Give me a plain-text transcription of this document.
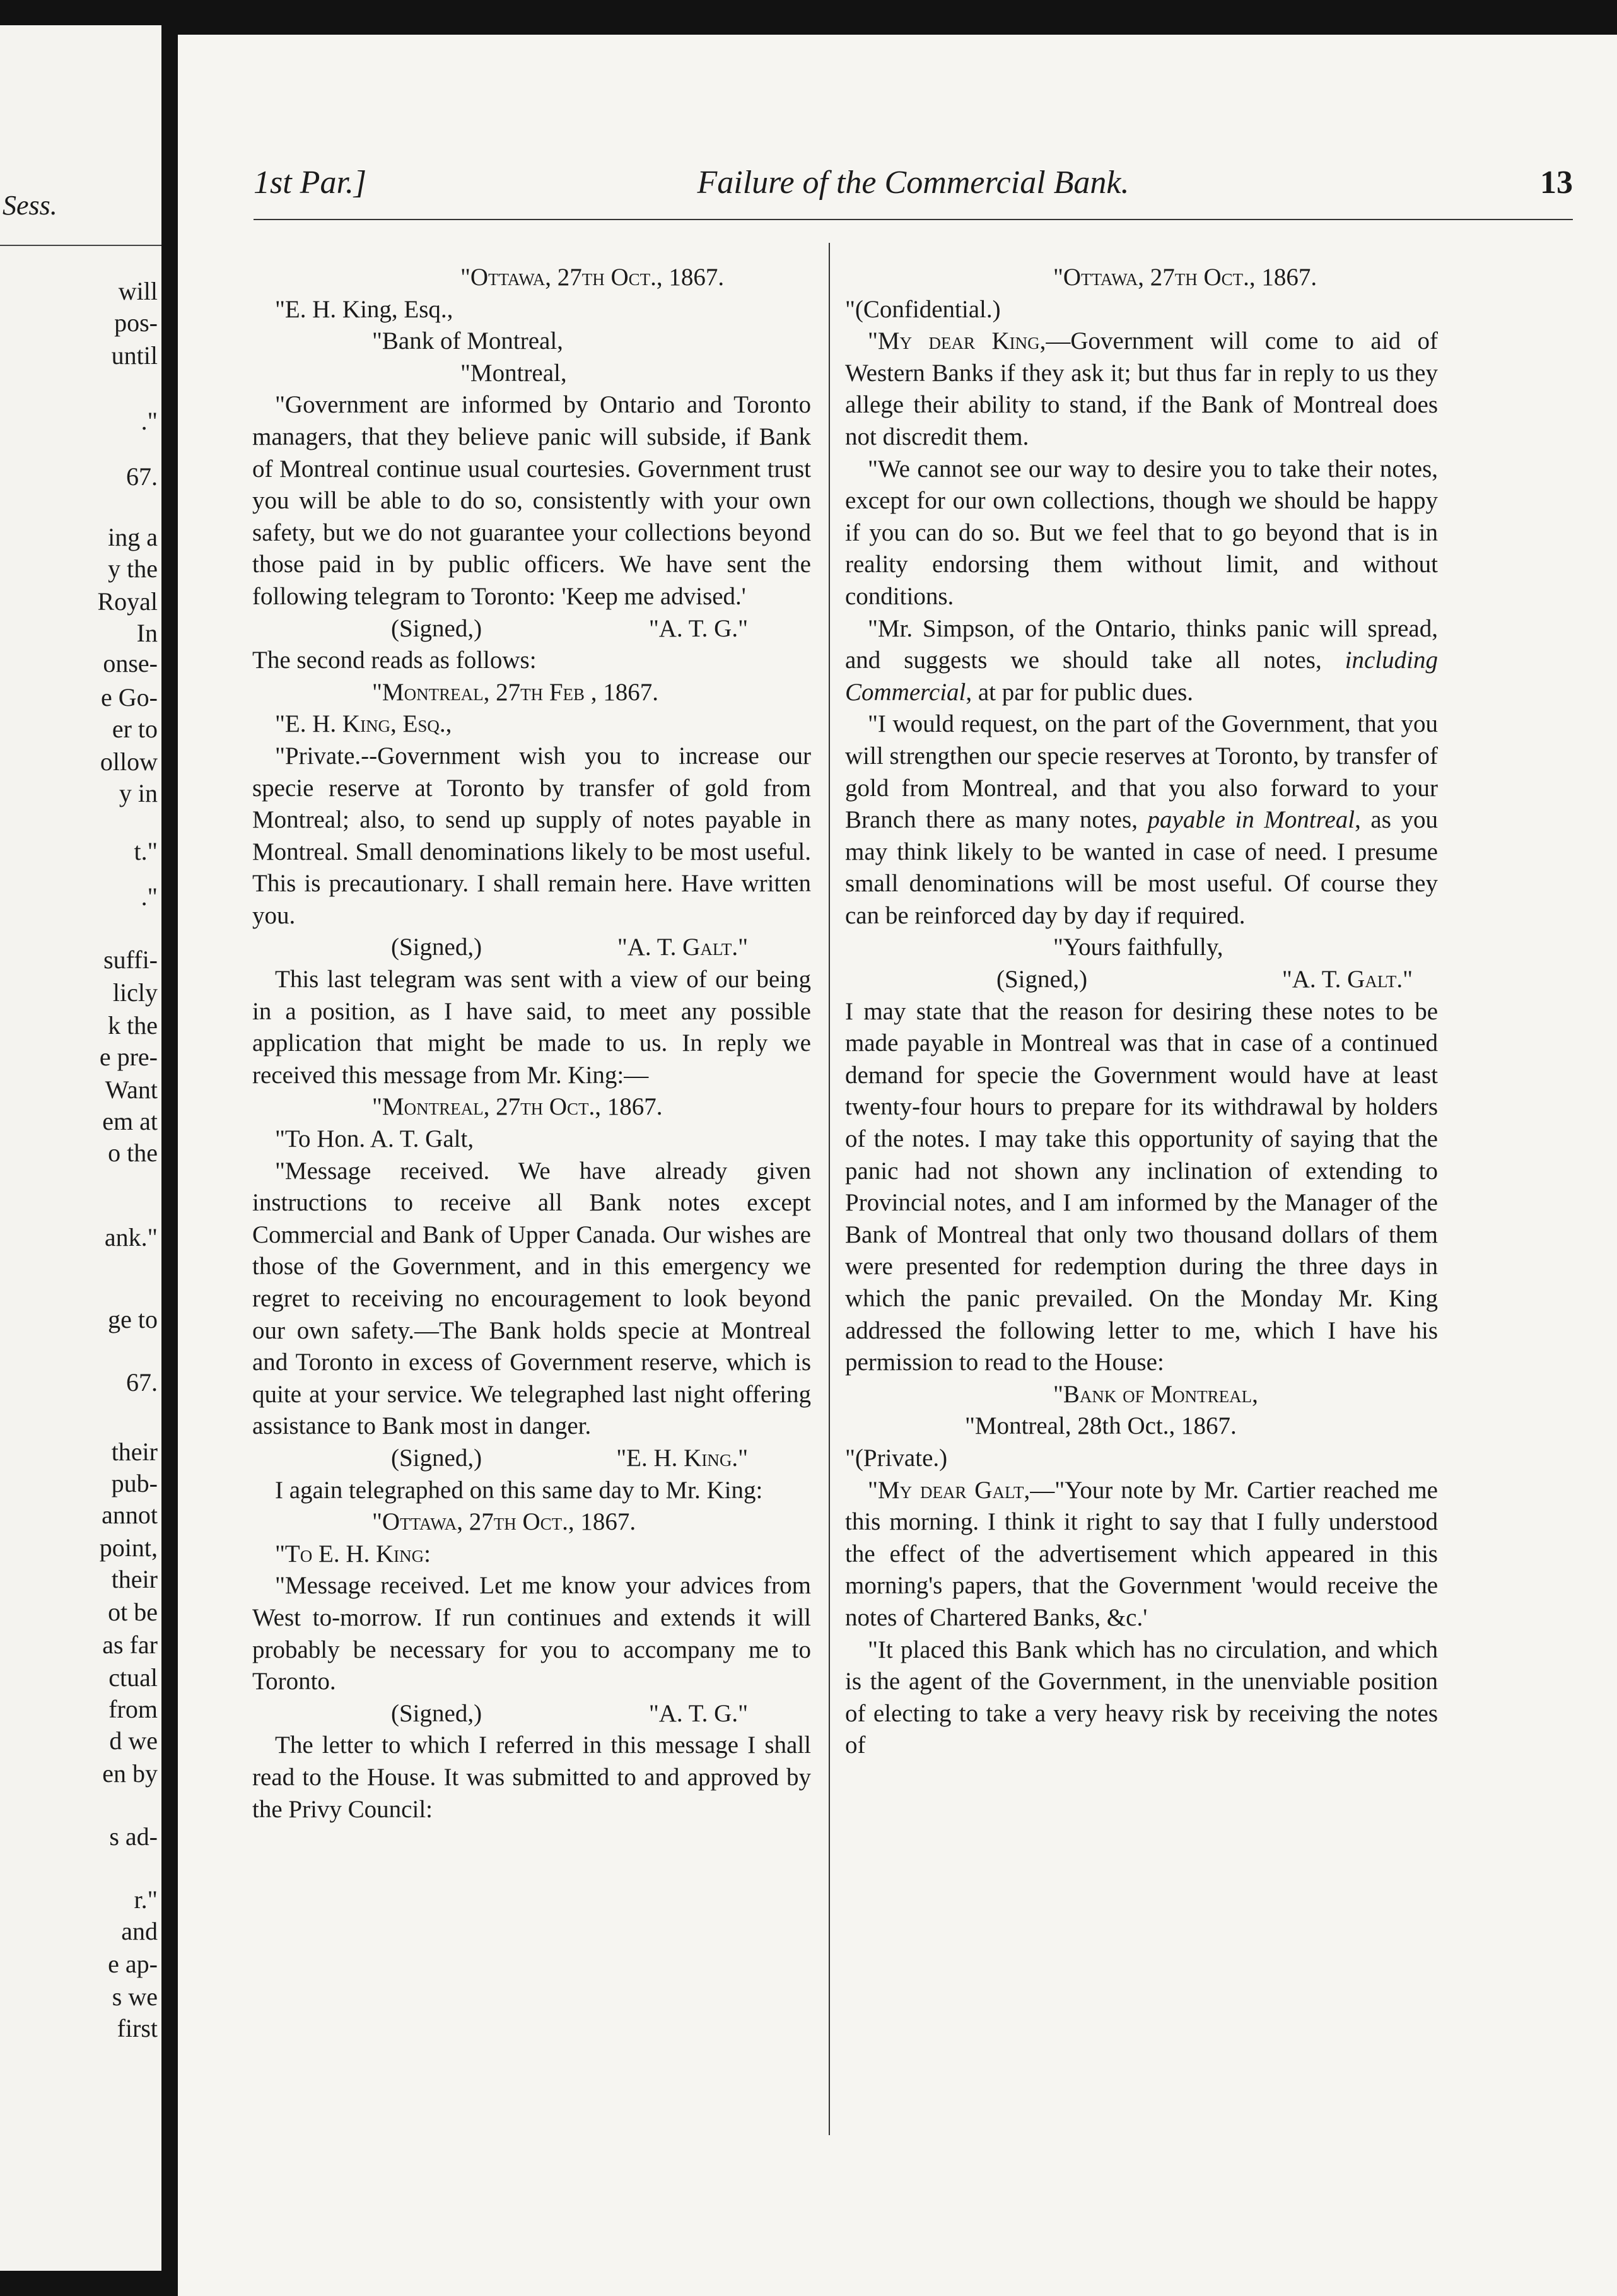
Sess.
will
pos-
until
."
67.
ing a
y the
Royal
In
onse-
e Go-
er to
ollow
y in
t."
."
suffi-
licly
k the
e pre-
Want
em at
o the
ank."
ge to
67.
their
pub-
annot
point,
their
ot be
as far
ctual
from
d we
en by
s ad-
r."
and
e ap-
s we
first
1st Par.]	Failure of the Commercial Bank.	13

"Ottawa, 27th Oct., 1867.

"E. H. King, Esq.,

"Bank of Montreal,

"Montreal,

"Government are informed by Ontario and Toronto managers, that they believe panic will subside, if Bank of Montreal continue usual courtesies. Government trust you will be able to do so, consistently with your own safety, but we do not guarantee your collections beyond those paid in by public officers. We have sent the following telegram to Toronto: 'Keep me advised.'

(Signed,)	"A. T. G."

The second reads as follows:

"Montreal, 27th Feb , 1867.

"E. H. King, Esq.,

"Private.--Government wish you to increase our specie reserve at Toronto by transfer of gold from Montreal; also, to send up supply of notes payable in Montreal. Small denominations likely to be most useful. This is precautionary. I shall remain here. Have written you.

(Signed,)	"A. T. Galt."

This last telegram was sent with a view of our being in a position, as I have said, to meet any possible application that might be made to us. In reply we received this message from Mr. King:—

"Montreal, 27th Oct., 1867.

"To Hon. A. T. Galt,

"Message received. We have already given instructions to receive all Bank notes except Commercial and Bank of Upper Canada. Our wishes are those of the Government, and in this emergency we regret to receiving no encouragement to look beyond our own safety.—The Bank holds specie at Montreal and Toronto in excess of Government reserve, which is quite at your service. We telegraphed last night offering assistance to Bank most in danger.

(Signed,)	"E. H. King."

I again telegraphed on this same day to Mr. King:

"Ottawa, 27th Oct., 1867.

"To E. H. King:

"Message received. Let me know your advices from West to-morrow. If run continues and extends it will probably be necessary for you to accompany me to Toronto.

(Signed,)	"A. T. G."

The letter to which I referred in this message I shall read to the House. It was submitted to and approved by the Privy Council:

"Ottawa, 27th Oct., 1867.

"(Confidential.)

"My dear King,—Government will come to aid of Western Banks if they ask it; but thus far in reply to us they allege their ability to stand, if the Bank of Montreal does not discredit them.

"We cannot see our way to desire you to take their notes, except for our own collections, though we should be happy if you can do so. But we feel that to go beyond that is in reality endorsing them without limit, and without conditions.

"Mr. Simpson, of the Ontario, thinks panic will spread, and suggests we should take all notes, including Commercial, at par for public dues.

"I would request, on the part of the Government, that you will strengthen our specie reserves at Toronto, by transfer of gold from Montreal, and that you also forward to your Branch there as many notes, payable in Montreal, as you may think likely to be wanted in case of need. I presume small denominations will be most useful. Of course they can be reinforced day by day if required.

"Yours faithfully,

(Signed,)	"A. T. Galt."

I may state that the reason for desiring these notes to be made payable in Montreal was that in case of a continued demand for specie the Government would have at least twenty-four hours to prepare for its withdrawal by holders of the notes. I may take this opportunity of saying that the panic had not shown any inclination of extending to Provincial notes, and I am informed by the Manager of the Bank of Montreal that only two thousand dollars of them were presented for redemption during the three days in which the panic prevailed. On the Monday Mr. King addressed the following letter to me, which I have his permission to read to the House:

"Bank of Montreal,

"Montreal, 28th Oct., 1867.

"(Private.)

"My dear Galt,—"Your note by Mr. Cartier reached me this morning. I think it right to say that I fully understood the effect of the advertisement which appeared in this morning's papers, that the Government 'would receive the notes of Chartered Banks, &c.'

"It placed this Bank which has no circulation, and which is the agent of the Government, in the unenviable position of electing to take a very heavy risk by receiving the notes of
